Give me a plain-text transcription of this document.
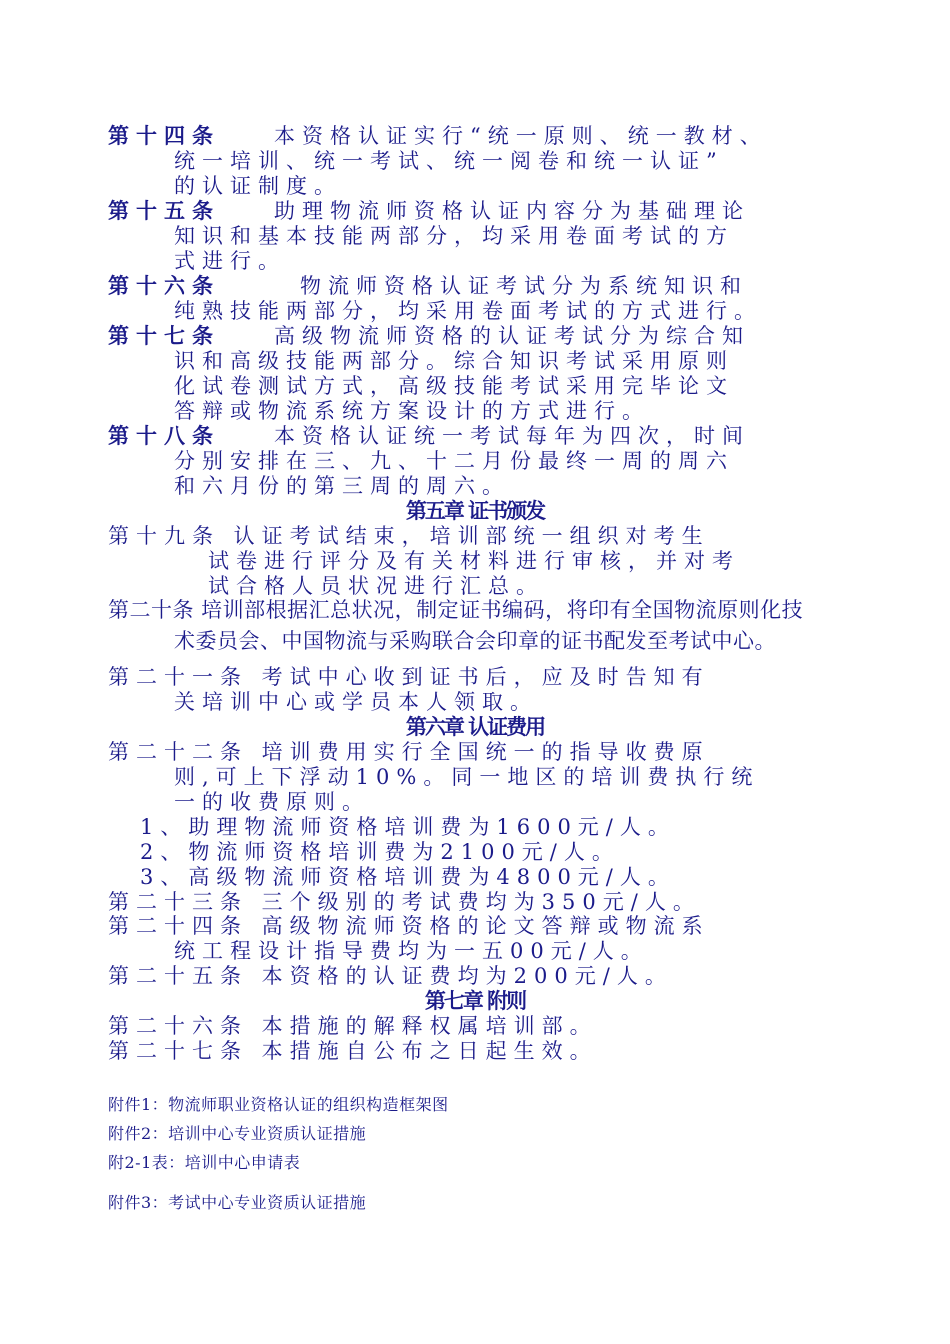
第十四条	本资格认证实行“统一原则、统一教材、
统一培训、统一考试、统一阅卷和统一认证”
的认证制度。
第十五条	助理物流师资格认证内容分为基础理论
知识和基本技能两部分，均采用卷面考试的方
式进行。
第十六条	物流师资格认证考试分为系统知识和
纯熟技能两部分，均采用卷面考试的方式进行。
第十七条	高级物流师资格的认证考试分为综合知
识和高级技能两部分。综合知识考试采用原则
化试卷测试方式，高级技能考试采用完毕论文
答辩或物流系统方案设计的方式进行。
第十八条	本资格认证统一考试每年为四次，时间
分别安排在三、九、十二月份最终一周的周六
和六月份的第三周的周六。
第五章 证书颁发
第十九条 认证考试结束，培训部统一组织对考生
试卷进行评分及有关材料进行审核，并对考
试合格人员状况进行汇总。
第二十条 培训部根据汇总状况，制定证书编码，将印有全国物流原则化技
术委员会、中国物流与采购联合会印章的证书配发至考试中心。
第二十一条 考试中心收到证书后，应及时告知有
关培训中心或学员本人领取。
第六章 认证费用
第二十二条 培训费用实行全国统一的指导收费原
则,可上下浮动10%。同一地区的培训费执行统
一的收费原则。
1、助理物流师资格培训费为1600元/人。
2、物流师资格培训费为2100元/人。
3、高级物流师资格培训费为4800元/人。
第二十三条 三个级别的考试费均为350元/人。
第二十四条 高级物流师资格的论文答辩或物流系
统工程设计指导费均为一五00元/人。
第二十五条 本资格的认证费均为200元/人。
第七章 附则
第二十六条 本措施的解释权属培训部。
第二十七条 本措施自公布之日起生效。
附件1：物流师职业资格认证的组织构造框架图
附件2：培训中心专业资质认证措施
附2-1表：培训中心申请表
附件3：考试中心专业资质认证措施
